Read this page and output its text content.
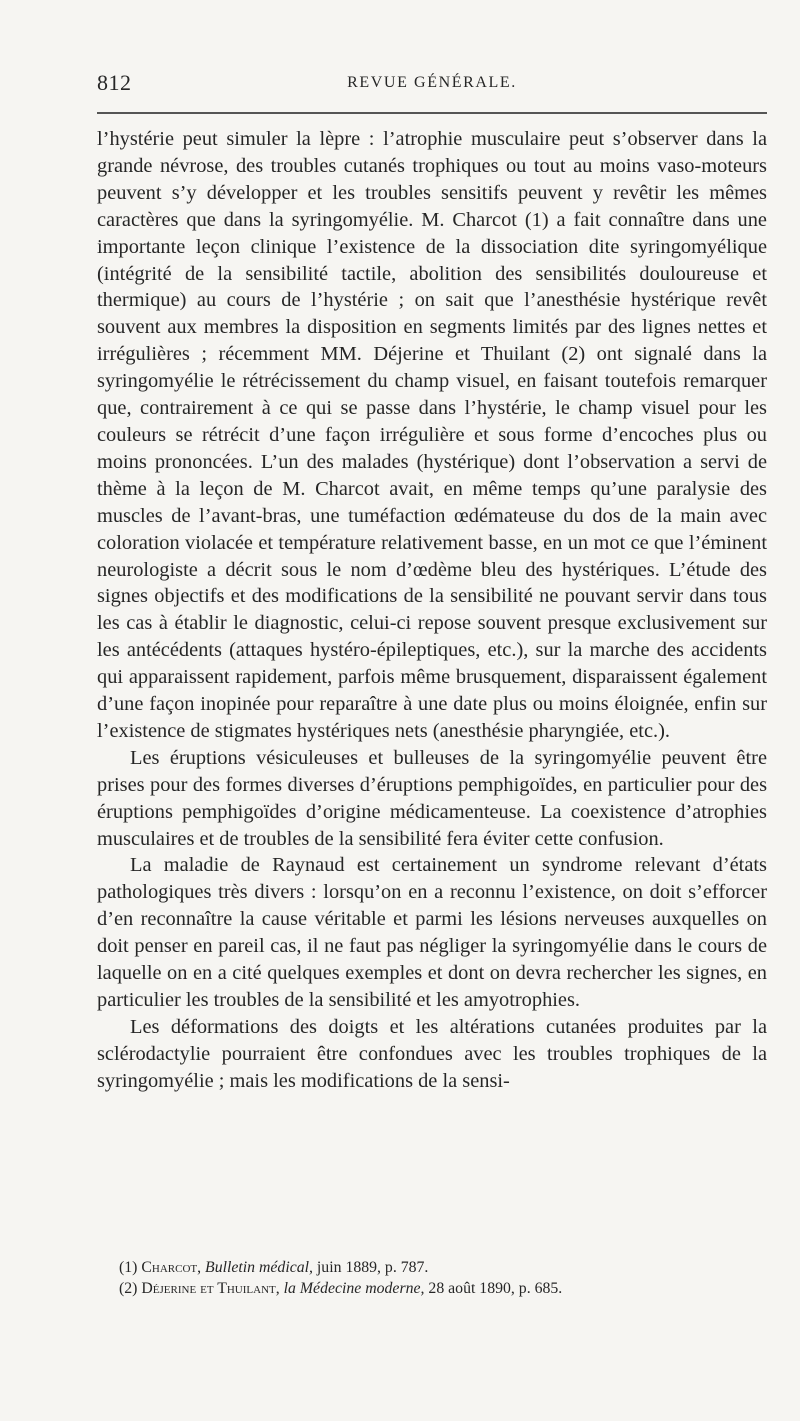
812	REVUE GÉNÉRALE.

l’hystérie peut simuler la lèpre : l’atrophie musculaire peut s’observer dans la grande névrose, des troubles cutanés trophiques ou tout au moins vaso-moteurs peuvent s’y développer et les troubles sensitifs peuvent y revêtir les mêmes caractères que dans la syringomyélie. M. Charcot (1) a fait connaître dans une importante leçon clinique l’existence de la dissociation dite syringomyélique (intégrité de la sensibilité tactile, abolition des sensibilités douloureuse et thermique) au cours de l’hystérie ; on sait que l’anesthésie hystérique revêt souvent aux membres la disposition en segments limités par des lignes nettes et irrégulières ; récemment MM. Déjerine et Thuilant (2) ont signalé dans la syringomyélie le rétrécissement du champ visuel, en faisant toutefois remarquer que, contrairement à ce qui se passe dans l’hystérie, le champ visuel pour les couleurs se rétrécit d’une façon irrégulière et sous forme d’encoches plus ou moins prononcées. L’un des malades (hystérique) dont l’observation a servi de thème à la leçon de M. Charcot avait, en même temps qu’une paralysie des muscles de l’avant-bras, une tuméfaction œdémateuse du dos de la main avec coloration violacée et température relativement basse, en un mot ce que l’éminent neurologiste a décrit sous le nom d’œdème bleu des hystériques. L’étude des signes objectifs et des modifications de la sensibilité ne pouvant servir dans tous les cas à établir le diagnostic, celui-ci repose souvent presque exclusivement sur les antécédents (attaques hystéro-épileptiques, etc.), sur la marche des accidents qui apparaissent rapidement, parfois même brusquement, disparaissent également d’une façon inopinée pour reparaître à une date plus ou moins éloignée, enfin sur l’existence de stigmates hystériques nets (anesthésie pharyngiée, etc.).

Les éruptions vésiculeuses et bulleuses de la syringomyélie peuvent être prises pour des formes diverses d’éruptions pemphigoïdes, en particulier pour des éruptions pemphigoïdes d’origine médicamenteuse. La coexistence d’atrophies musculaires et de troubles de la sensibilité fera éviter cette confusion.

La maladie de Raynaud est certainement un syndrome relevant d’états pathologiques très divers : lorsqu’on en a reconnu l’existence, on doit s’efforcer d’en reconnaître la cause véritable et parmi les lésions nerveuses auxquelles on doit penser en pareil cas, il ne faut pas négliger la syringomyélie dans le cours de laquelle on en a cité quelques exemples et dont on devra rechercher les signes, en particulier les troubles de la sensibilité et les amyotrophies.

Les déformations des doigts et les altérations cutanées produites par la sclérodactylie pourraient être confondues avec les troubles trophiques de la syringomyélie ; mais les modifications de la sensi-

(1) Charcot, Bulletin médical, juin 1889, p. 787.

(2) Déjerine et Thuilant, la Médecine moderne, 28 août 1890, p. 685.
